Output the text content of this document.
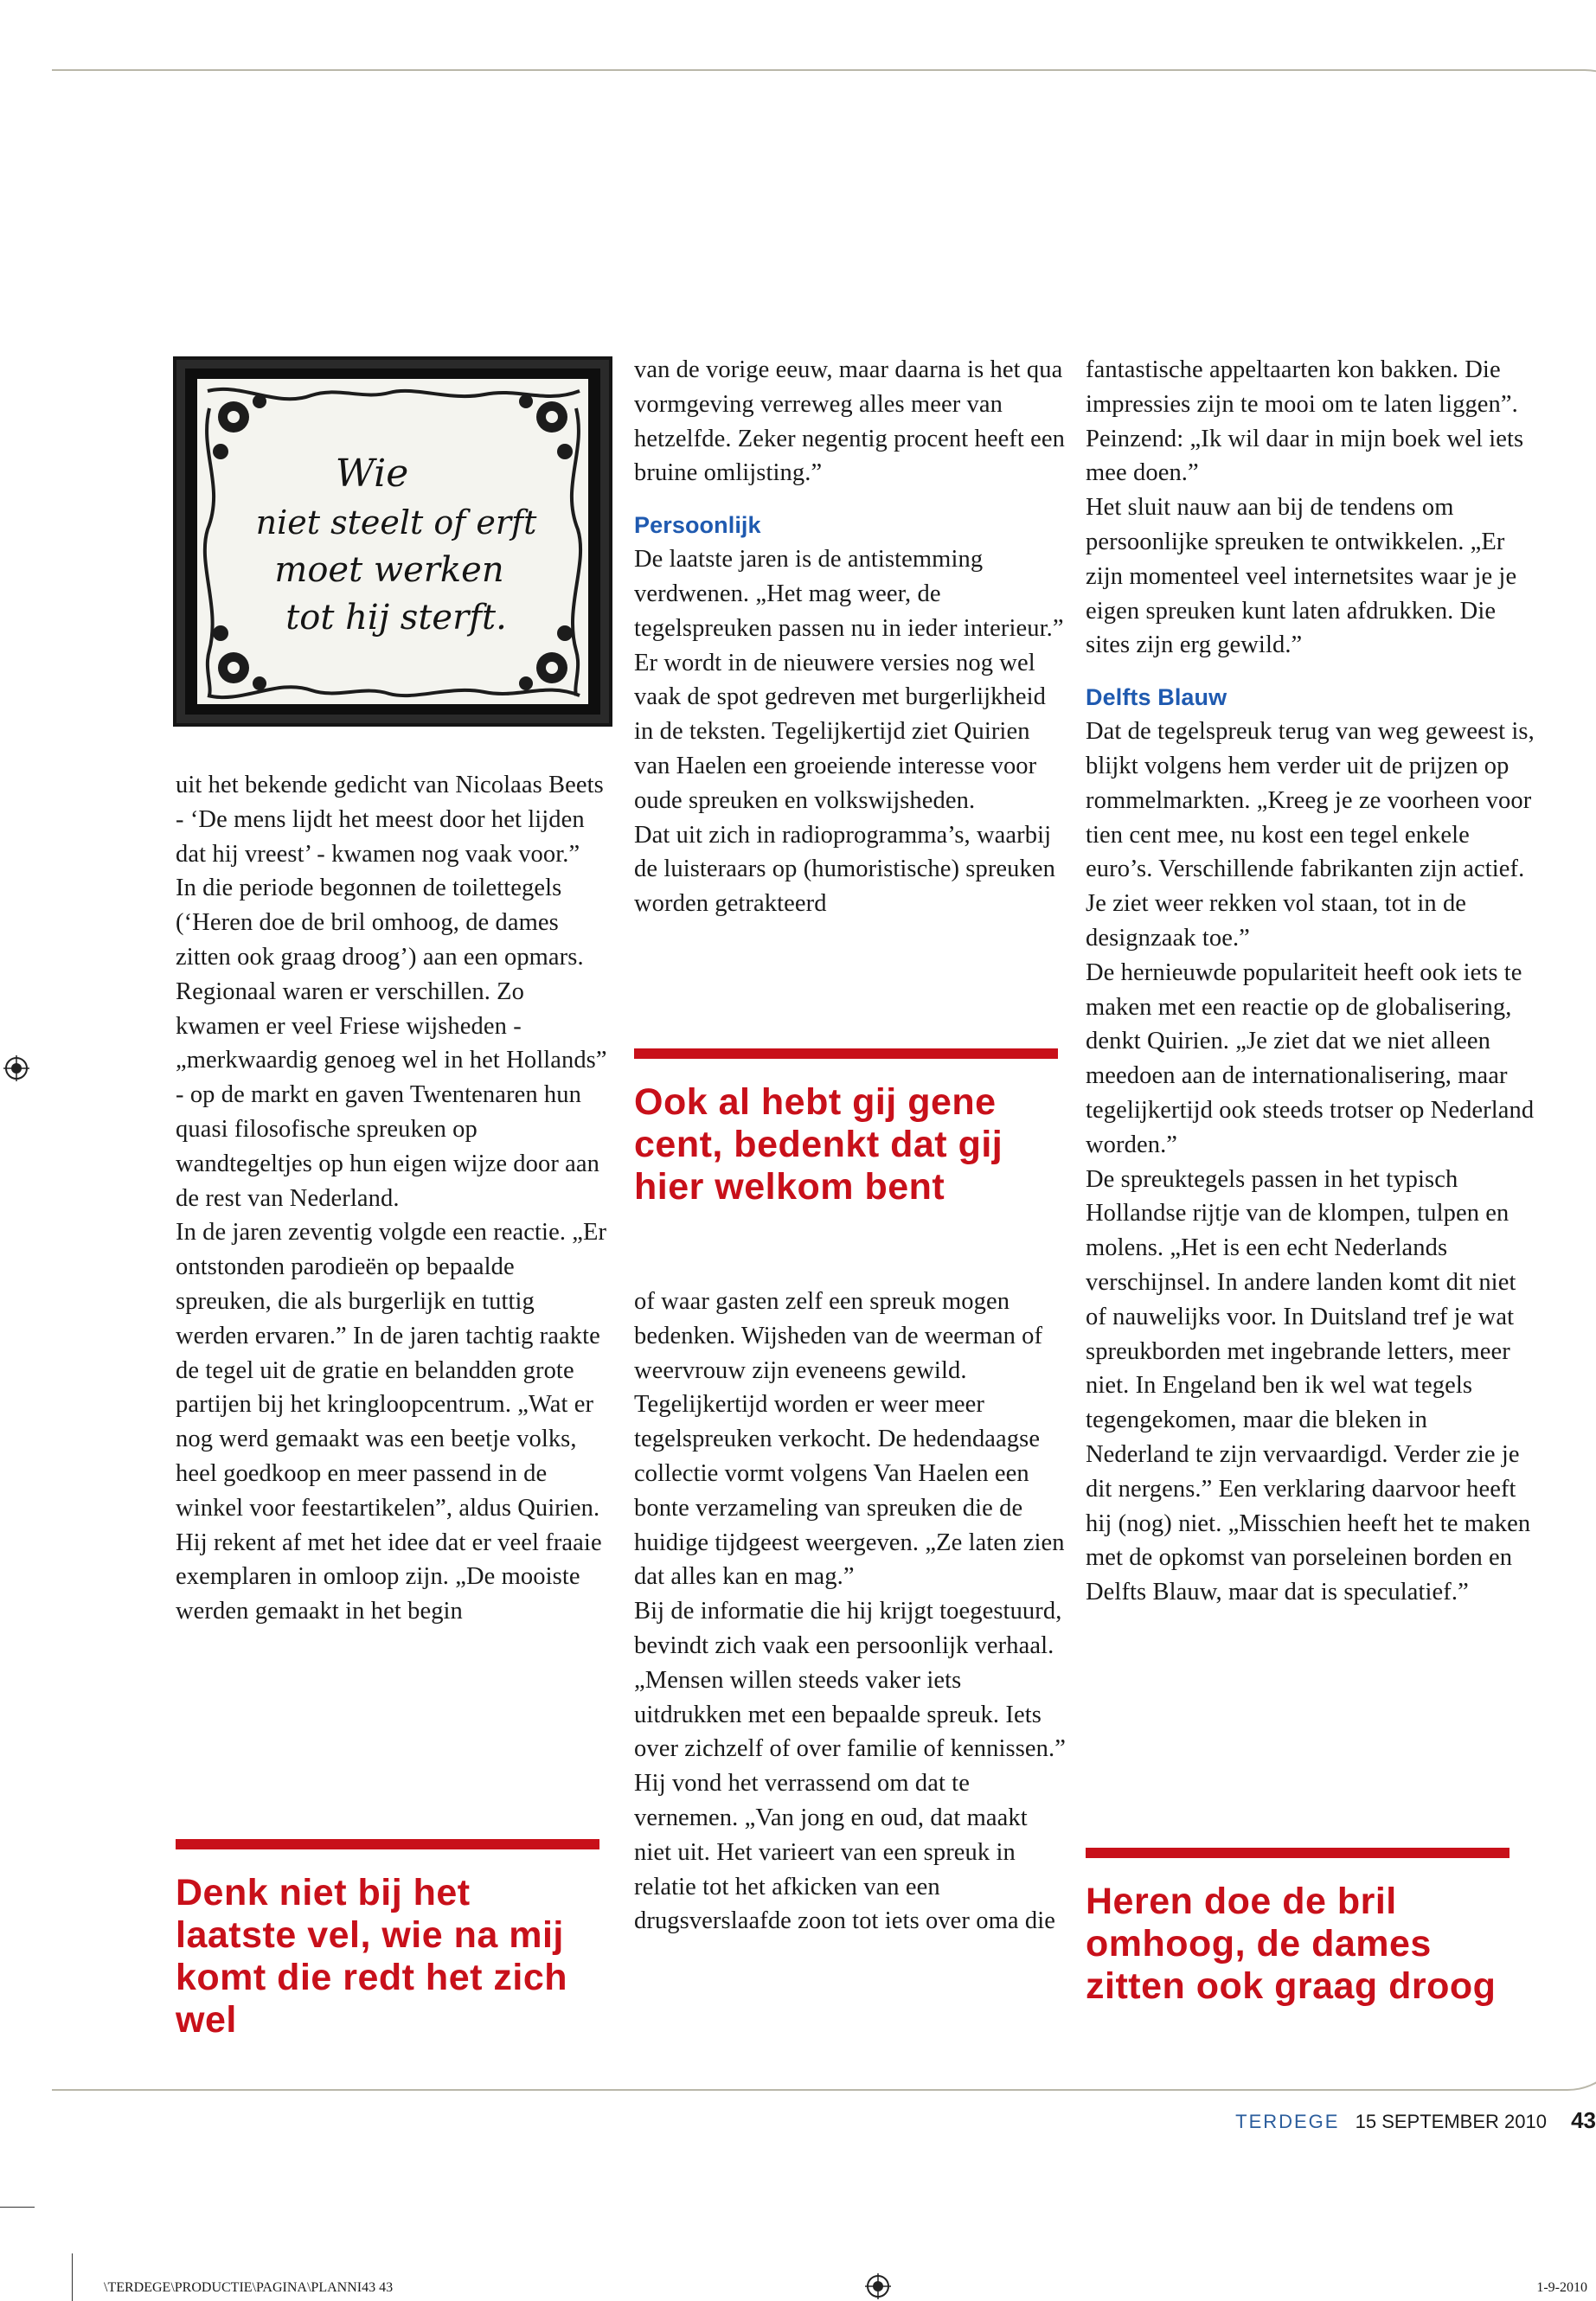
Wie
niet steelt of erft
moet werken
tot hij sterft.

uit het bekende gedicht van Nicolaas Beets - ‘De mens lijdt het meest door het lijden dat hij vreest’ - kwamen nog vaak voor.”

In die periode begonnen de toilettegels (‘Heren doe de bril omhoog, de dames zitten ook graag droog’) aan een opmars. Regionaal waren er verschillen. Zo kwamen er veel Friese wijsheden - „merkwaardig genoeg wel in het Hollands” - op de markt en gaven Twentenaren hun quasi filosofische spreuken op wandtegeltjes op hun eigen wijze door aan de rest van Nederland.

In de jaren zeventig volgde een reactie. „Er ontstonden parodieën op bepaalde spreuken, die als burgerlijk en tuttig werden ervaren.” In de jaren tachtig raakte de tegel uit de gratie en belandden grote partijen bij het kringloopcentrum. „Wat er nog werd gemaakt was een beetje volks, heel goedkoop en meer passend in de winkel voor feestartikelen”, aldus Quirien.

Hij rekent af met het idee dat er veel fraaie exemplaren in omloop zijn. „De mooiste werden gemaakt in het begin

van de vorige eeuw, maar daarna is het qua vormgeving verreweg alles meer van hetzelfde. Zeker negentig procent heeft een bruine omlijsting.”

Persoonlijk

De laatste jaren is de antistemming verdwenen. „Het mag weer, de tegelspreuken passen nu in ieder interieur.” Er wordt in de nieuwere versies nog wel vaak de spot gedreven met burgerlijkheid in de teksten. Tegelijkertijd ziet Quirien van Haelen een groeiende interesse voor oude spreuken en volkswijsheden.

Dat uit zich in radioprogramma’s, waarbij de luisteraars op (humoristische) spreuken worden getrakteerd

of waar gasten zelf een spreuk mogen bedenken. Wijsheden van de weerman of weervrouw zijn eveneens gewild.

Tegelijkertijd worden er weer meer tegelspreuken verkocht. De hedendaagse collectie vormt volgens Van Haelen een bonte verzameling van spreuken die de huidige tijdgeest weergeven. „Ze laten zien dat alles kan en mag.”

Bij de informatie die hij krijgt toegestuurd, bevindt zich vaak een persoonlijk verhaal. „Mensen willen steeds vaker iets uitdrukken met een bepaalde spreuk. Iets over zichzelf of over familie of kennissen.” Hij vond het verrassend om dat te vernemen. „Van jong en oud, dat maakt niet uit. Het varieert van een spreuk in relatie tot het afkicken van een drugsverslaafde zoon tot iets over oma die

fantastische appeltaarten kon bakken. Die impressies zijn te mooi om te laten liggen”. Peinzend: „Ik wil daar in mijn boek wel iets mee doen.”

Het sluit nauw aan bij de tendens om persoonlijke spreuken te ontwikkelen. „Er zijn momenteel veel internetsites waar je je eigen spreuken kunt laten afdrukken. Die sites zijn erg gewild.”

Delfts Blauw

Dat de tegelspreuk terug van weg geweest is, blijkt volgens hem verder uit de prijzen op rommelmarkten. „Kreeg je ze voorheen voor tien cent mee, nu kost een tegel enkele euro’s. Verschillende fabrikanten zijn actief. Je ziet weer rekken vol staan, tot in de designzaak toe.”

De hernieuwde populariteit heeft ook iets te maken met een reactie op de globalisering, denkt Quirien. „Je ziet dat we niet alleen meedoen aan de internationalisering, maar tegelijkertijd ook steeds trotser op Nederland worden.”

De spreuktegels passen in het typisch Hollandse rijtje van de klompen, tulpen en molens. „Het is een echt Nederlands verschijnsel. In andere landen komt dit niet of nauwelijks voor. In Duitsland tref je wat spreukborden met ingebrande letters, meer niet. In Engeland ben ik wel wat tegels tegengekomen, maar die bleken in Nederland te zijn vervaardigd. Verder zie je dit nergens.” Een verklaring daarvoor heeft hij (nog) niet. „Misschien heeft het te maken met de opkomst van porseleinen borden en Delfts Blauw, maar dat is speculatief.”

Denk niet bij het laatste vel, wie na mij komt die redt het zich wel
Ook al hebt gij gene cent, bedenkt dat gij hier welkom bent
Heren doe de bril omhoog, de dames zitten ook graag droog
TERDEGE 15 SEPTEMBER 2010 43
\TERDEGE\PRODUCTIE\PAGINA\PLANNI43 43	1-9-2010
